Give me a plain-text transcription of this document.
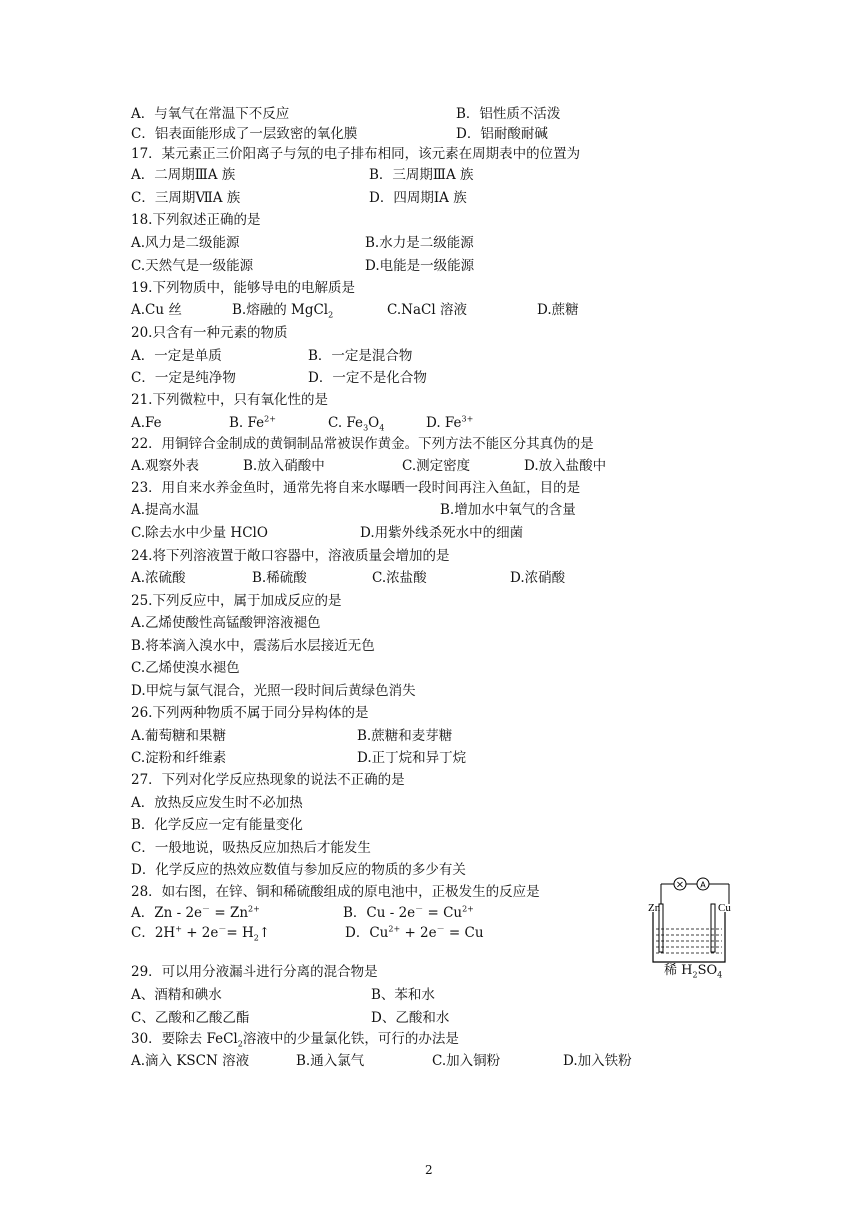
A．与氧气在常温下不反应	B．铝性质不活泼
C．铝表面能形成了一层致密的氧化膜	D．铝耐酸耐碱
17．某元素正三价阳离子与氖的电子排布相同，该元素在周期表中的位置为
A．二周期ⅢA 族	B．三周期ⅢA 族
C．三周期ⅦA 族	D．四周期ⅠA 族
18.下列叙述正确的是
A.风力是二级能源	B.水力是二级能源
C.天然气是一级能源	D.电能是一级能源
19.下列物质中，能够导电的电解质是
A.Cu 丝	B.熔融的 MgCl$_2$	C.NaCl 溶液	D.蔗糖
20.只含有一种元素的物质
A．一定是单质	B．一定是混合物
C．一定是纯净物	D．一定不是化合物
21.下列微粒中，只有氧化性的是
A.Fe	B. $Fe^{2+}$	C. $Fe_3O_4$	D. $Fe^{3+}$
22．用铜锌合金制成的黄铜制品常被误作黄金。下列方法不能区分其真伪的是
A.观察外表	B.放入硝酸中	C.测定密度	D.放入盐酸中
23．用自来水养金鱼时，通常先将自来水曝晒一段时间再注入鱼缸，目的是
A.提高水温	B.增加水中氧气的含量
C.除去水中少量 HClO	D.用紫外线杀死水中的细菌
24.将下列溶液置于敞口容器中，溶液质量会增加的是
A.浓硫酸	B.稀硫酸	C.浓盐酸	D.浓硝酸
25.下列反应中，属于加成反应的是
A.乙烯使酸性高锰酸钾溶液褪色
B.将苯滴入溴水中，震荡后水层接近无色
C.乙烯使溴水褪色
D.甲烷与氯气混合，光照一段时间后黄绿色消失
26.下列两种物质不属于同分异构体的是
A.葡萄糖和果糖	B.蔗糖和麦芽糖
C.淀粉和纤维素	D.正丁烷和异丁烷
27．下列对化学反应热现象的说法不正确的是
A．放热反应发生时不必加热
B．化学反应一定有能量变化
C．一般地说，吸热反应加热后才能发生
D．化学反应的热效应数值与参加反应的物质的多少有关
28．如右图，在锌、铜和稀硫酸组成的原电池中，正极发生的反应是
A．$Zn - 2e^- = Zn^{2+}$	B．$Cu - 2e^- = Cu^{2+}$
C．$2H^+ + 2e^-= H_2↑$	D．$Cu^{2+} + 2e^- = Cu$
× A
Zn	Cu
稀 $H_2SO_4$
29．可以用分液漏斗进行分离的混合物是
A、酒精和碘水	B、苯和水
C、乙酸和乙酸乙酯	D、乙酸和水
30．要除去 FeCl$_2$溶液中的少量氯化铁，可行的办法是
A.滴入 KSCN 溶液	B.通入氯气	C.加入铜粉	D.加入铁粉
2
